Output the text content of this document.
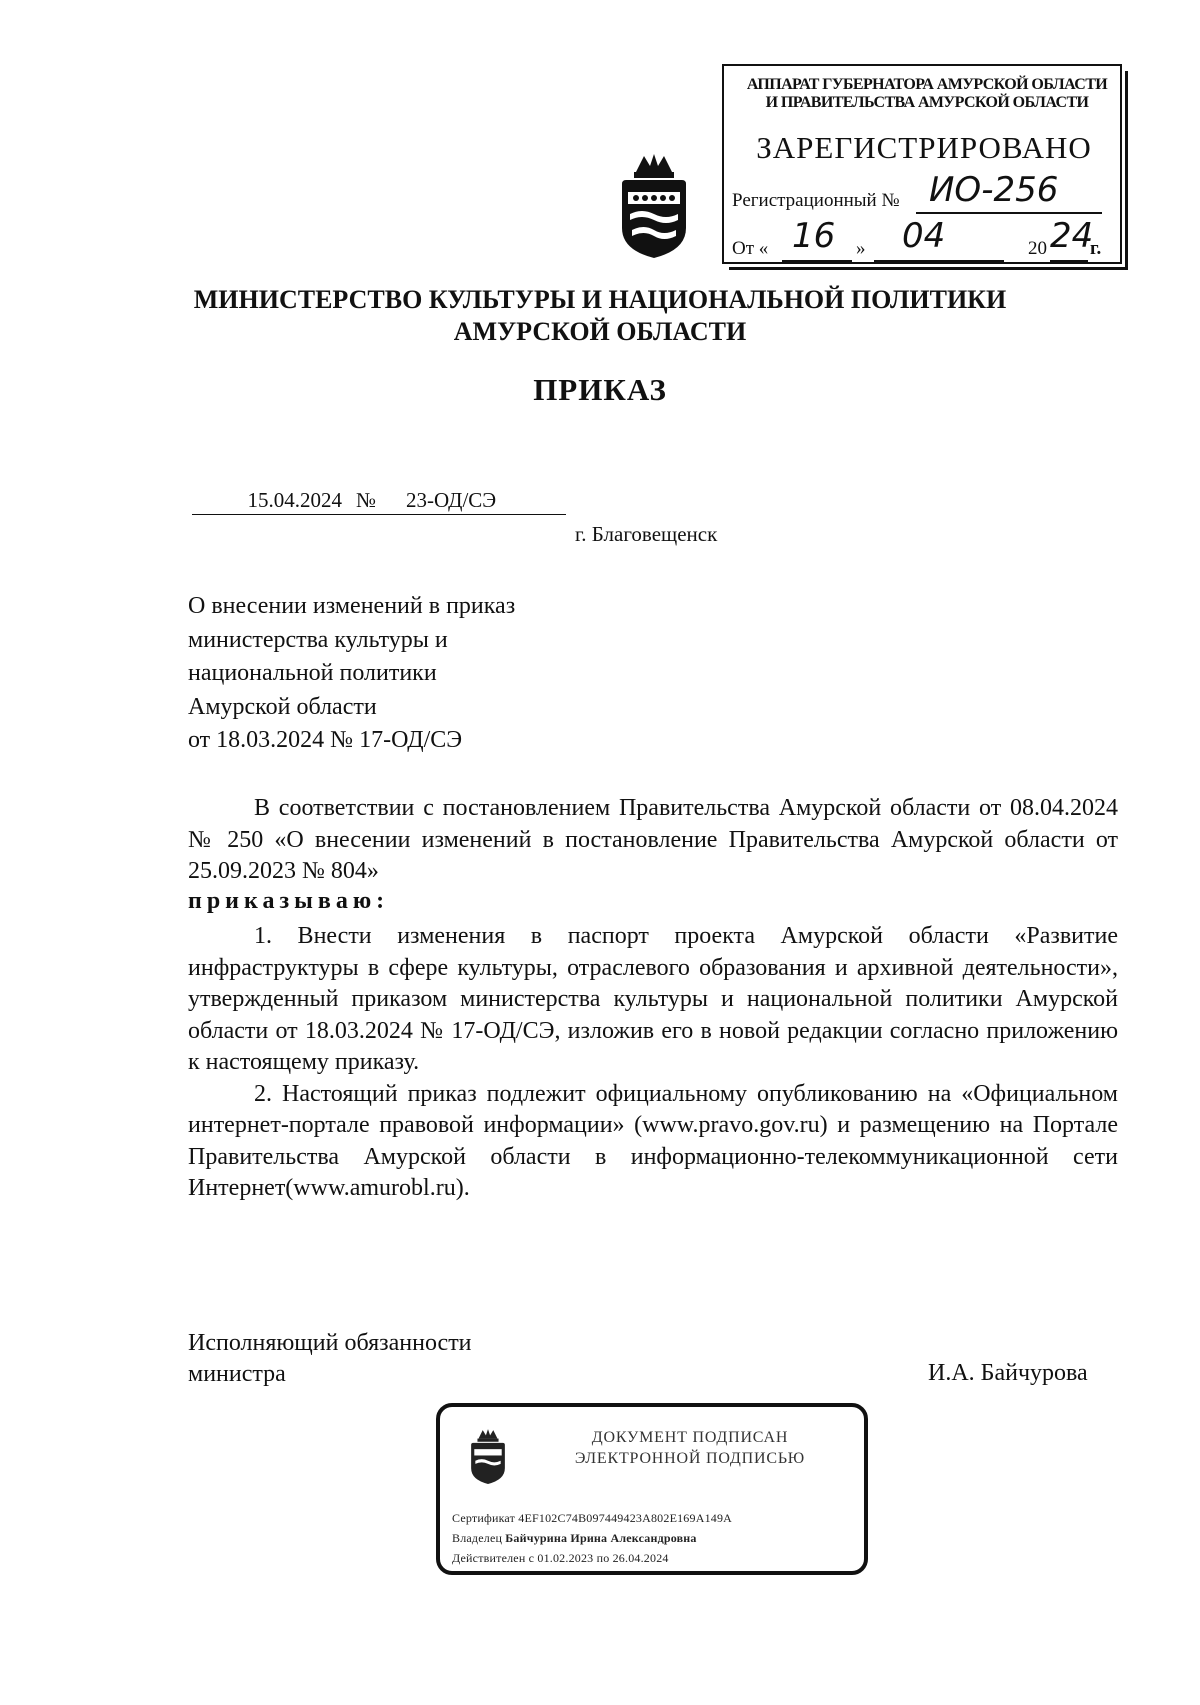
АППАРАТ ГУБЕРНАТОРА АМУРСКОЙ ОБЛАСТИ
И ПРАВИТЕЛЬСТВА АМУРСКОЙ ОБЛАСТИ
ЗАРЕГИСТРИРОВАНО
Регистрационный № ИО-256
От « 16 » 04	20 24
г.
МИНИСТЕРСТВО КУЛЬТУРЫ И НАЦИОНАЛЬНОЙ ПОЛИТИКИ
АМУРСКОЙ ОБЛАСТИ
ПРИКАЗ
15.04.2024 № 23-ОД/СЭ
г. Благовещенск
О внесении изменений в приказ
министерства культуры и
национальной политики
Амурской области
от 18.03.2024 № 17-ОД/СЭ

В соответствии с постановлением Правительства Амурской области от 08.04.2024 № 250 «О внесении изменений в постановление Правительства Амурской области от 25.09.2023 № 804»

приказываю:

1. Внести изменения в паспорт проекта Амурской области «Развитие инфраструктуры в сфере культуры, отраслевого образования и архивной деятельности», утвержденный приказом министерства культуры и национальной политики Амурской области от 18.03.2024 № 17-ОД/СЭ, изложив его в новой редакции согласно приложению к настоящему приказу.

2. Настоящий приказ подлежит официальному опубликованию на «Официальном интернет-портале правовой информации» (www.pravo.gov.ru) и размещению на Портале Правительства Амурской области в информационно-телекоммуникационной сети Интернет(www.amurobl.ru).

Исполняющий обязанности
министра	И.А. Байчурова
ДОКУМЕНТ ПОДПИСАН
ЭЛЕКТРОННОЙ ПОДПИСЬЮ
Сертификат 4EF102C74B097449423A802E169A149A
Владелец Байчурина Ирина Александровна
Действителен с 01.02.2023 по 26.04.2024
